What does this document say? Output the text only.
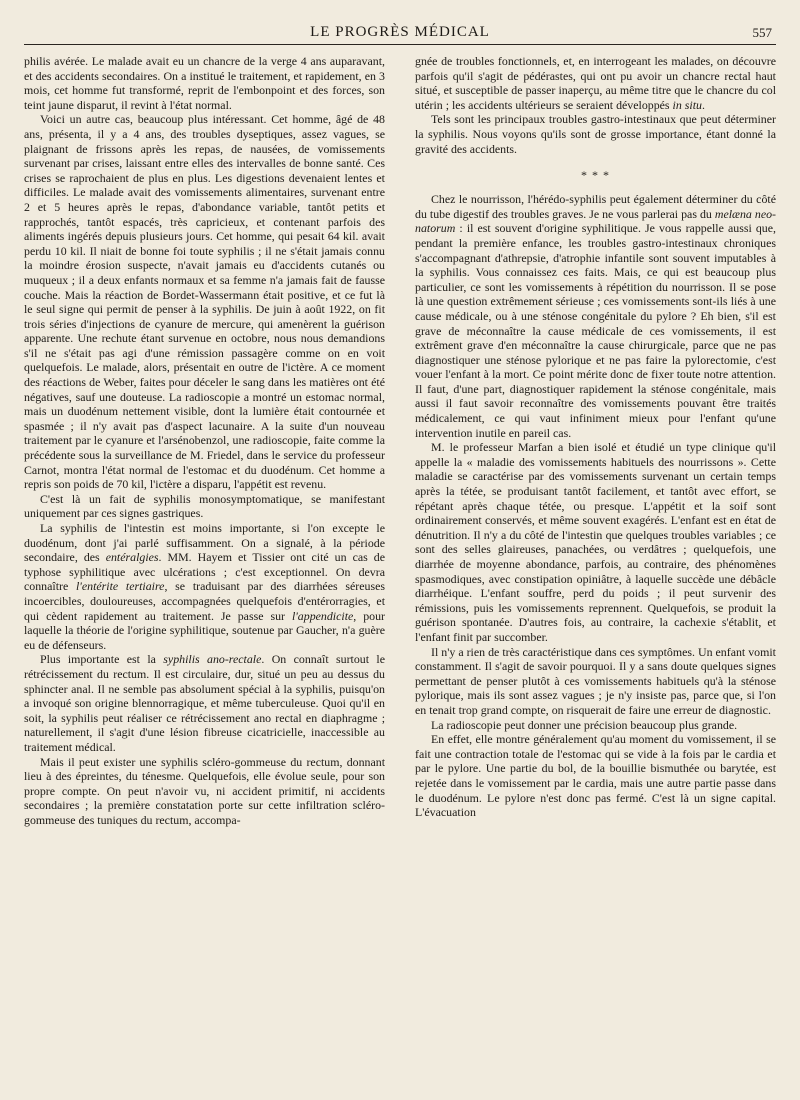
LE PROGRÈS MÉDICAL	557

philis avérée. Le malade avait eu un chancre de la verge 4 ans auparavant, et des accidents secondaires. On a institué le traitement, et rapidement, en 3 mois, cet homme fut transformé, reprit de l'embonpoint et des forces, son teint jaune disparut, il revint à l'état normal.

Voici un autre cas, beaucoup plus intéressant. Cet homme, âgé de 48 ans, présenta, il y a 4 ans, des troubles dyseptiques, assez vagues, se plaignant de frissons après les repas, de nausées, de vomissements survenant par crises, laissant entre elles des intervalles de bonne santé. Ces crises se raprochaient de plus en plus. Les digestions devenaient lentes et difficiles. Le malade avait des vomissements alimentaires, survenant entre 2 et 5 heures après le repas, d'abondance variable, tantôt petits et rapprochés, tantôt espacés, très capricieux, et contenant parfois des aliments ingérés depuis plusieurs jours. Cet homme, qui pesait 64 kil. avait perdu 10 kil. Il niait de bonne foi toute syphilis ; il ne s'était jamais connu la moindre érosion suspecte, n'avait jamais eu d'accidents cutanés ou muqueux ; il a deux enfants normaux et sa femme n'a jamais fait de fausse couche. Mais la réaction de Bordet-Wassermann était positive, et ce fut là le seul signe qui permit de penser à la syphilis. De juin à août 1922, on fit trois séries d'injections de cyanure de mercure, qui amenèrent la guérison apparente. Une rechute étant survenue en octobre, nous nous demandions s'il ne s'était pas agi d'une rémission passagère comme on en voit quelquefois. Le malade, alors, présentait en outre de l'ictère. A ce moment des réactions de Weber, faites pour déceler le sang dans les matières ont été négatives, sauf une douteuse. La radioscopie a montré un estomac normal, mais un duodénum nettement visible, dont la lumière était contournée et spasmée ; il n'y avait pas d'aspect lacunaire. A la suite d'un nouveau traitement par le cyanure et l'arsénobenzol, une radioscopie, faite comme la précédente sous la surveillance de M. Friedel, dans le service du professeur Carnot, montra l'état normal de l'estomac et du duodénum. Cet homme a repris son poids de 70 kil, l'ictère a disparu, l'appétit est revenu.

C'est là un fait de syphilis monosymptomatique, se manifestant uniquement par ces signes gastriques.

La syphilis de l'intestin est moins importante, si l'on excepte le duodénum, dont j'ai parlé suffisamment. On a signalé, à la période secondaire, des entéralgies. MM. Hayem et Tissier ont cité un cas de typhose syphilitique avec ulcérations ; c'est exceptionnel. On devra connaître l'entérite tertiaire, se traduisant par des diarrhées séreuses incoercibles, douloureuses, accompagnées quelquefois d'entérorragies, et qui cèdent rapidement au traitement. Je passe sur l'appendicite, pour laquelle la théorie de l'origine syphilitique, soutenue par Gaucher, n'a guère eu de défenseurs.

Plus importante est la syphilis ano-rectale. On connaît surtout le rétrécissement du rectum. Il est circulaire, dur, situé un peu au dessus du sphincter anal. Il ne semble pas absolument spécial à la syphilis, puisqu'on a invoqué son origine blennorragique, et même tuberculeuse. Quoi qu'il en soit, la syphilis peut réaliser ce rétrécissement ano rectal en diaphragme ; naturellement, il s'agit d'une lésion fibreuse cicatricielle, inaccessible au traitement médical.

Mais il peut exister une syphilis scléro-gommeuse du rectum, donnant lieu à des épreintes, du ténesme. Quelquefois, elle évolue seule, pour son propre compte. On peut n'avoir vu, ni accident primitif, ni accidents secondaires ; la première constatation porte sur cette infiltration scléro-gommeuse des tuniques du rectum, accompa-

gnée de troubles fonctionnels, et, en interrogeant les malades, on découvre parfois qu'il s'agit de pédérastes, qui ont pu avoir un chancre rectal haut situé, et susceptible de passer inaperçu, au même titre que le chancre du col utérin ; les accidents ultérieurs se seraient développés in situ.

Tels sont les principaux troubles gastro-intestinaux que peut déterminer la syphilis. Nous voyons qu'ils sont de grosse importance, étant donné la gravité des accidents.

* * *

Chez le nourrisson, l'hérédo-syphilis peut également déterminer du côté du tube digestif des troubles graves. Je ne vous parlerai pas du melæna neo-natorum : il est souvent d'origine syphilitique. Je vous rappelle aussi que, pendant la première enfance, les troubles gastro-intestinaux chroniques s'accompagnant d'athrepsie, d'atrophie infantile sont souvent imputables à la syphilis. Vous connaissez ces faits. Mais, ce qui est beaucoup plus particulier, ce sont les vomissements à répétition du nourrisson. Il se pose là une question extrêmement sérieuse ; ces vomissements sont-ils liés à une cause médicale, ou à une sténose congénitale du pylore ? Eh bien, s'il est grave de méconnaître la cause médicale de ces vomissements, il est extrêment grave d'en méconnaître la cause chirurgicale, parce que ne pas diagnostiquer une sténose pylorique et ne pas faire la pylorectomie, c'est vouer l'enfant à la mort. Ce point mérite donc de fixer toute notre attention. Il faut, d'une part, diagnostiquer rapidement la sténose congénitale, mais aussi il faut savoir reconnaître des vomissements pouvant être traités médicalement, ce qui vaut infiniment mieux pour l'enfant qu'une intervention inutile en pareil cas.

M. le professeur Marfan a bien isolé et étudié un type clinique qu'il appelle la « maladie des vomissements habituels des nourrissons ». Cette maladie se caractérise par des vomissements survenant un certain temps après la tétée, se produisant tantôt facilement, et tantôt avec effort, se répétant après chaque tétée, ou presque. L'appétit et la soif sont ordinairement conservés, et même souvent exagérés. L'enfant est en état de dénutrition. Il n'y a du côté de l'intestin que quelques troubles variables ; ce sont des selles glaireuses, panachées, ou verdâtres ; quelquefois, une diarrhée de moyenne abondance, parfois, au contraire, des phénomènes spasmodiques, avec constipation opiniâtre, à laquelle succède une débâcle diarrhéique. L'enfant souffre, perd du poids ; il peut survenir des rémissions, puis les vomissements reprennent. Quelquefois, se produit la guérison spontanée. D'autres fois, au contraire, la cachexie s'établit, et l'enfant finit par succomber.

Il n'y a rien de très caractéristique dans ces symptômes. Un enfant vomit constamment. Il s'agit de savoir pourquoi. Il y a sans doute quelques signes permettant de penser plutôt à ces vomissements habituels qu'à la sténose pylorique, mais ils sont assez vagues ; je n'y insiste pas, parce que, si l'on en tenait trop grand compte, on risquerait de faire une erreur de diagnostic.

La radioscopie peut donner une précision beaucoup plus grande.

En effet, elle montre généralement qu'au moment du vomissement, il se fait une contraction totale de l'estomac qui se vide à la fois par le cardia et par le pylore. Une partie du bol, de la bouillie bismuthée ou barytée, est rejetée dans le vomissement par le cardia, mais une autre partie passe dans le duodénum. Le pylore n'est donc pas fermé. C'est là un signe capital. L'évacuation
